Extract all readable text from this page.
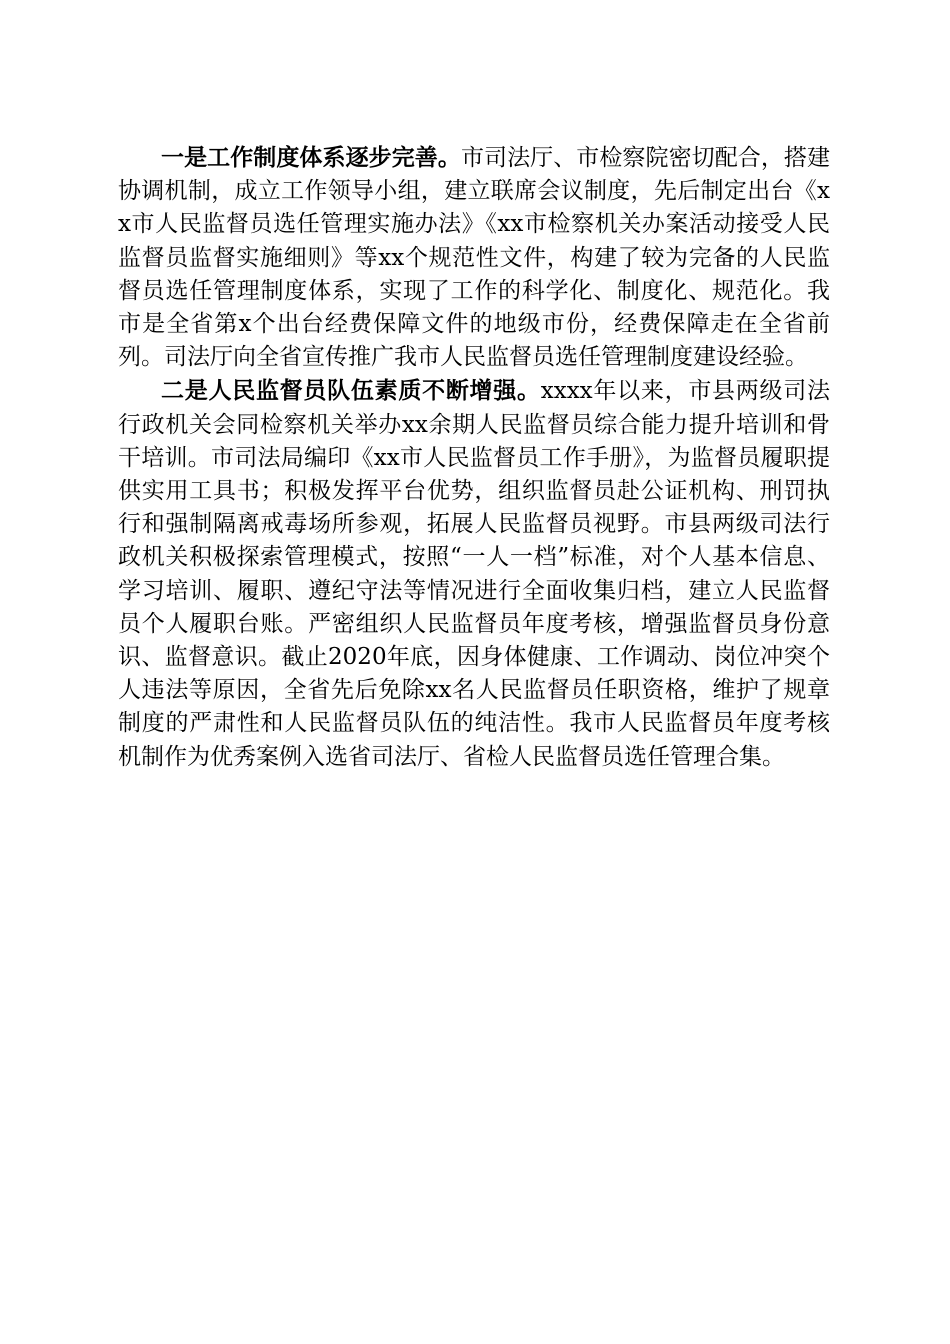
一是工作制度体系逐步完善。市司法厅、市检察院密切配合，搭建协调机制，成立工作领导小组，建立联席会议制度，先后制定出台《xx市人民监督员选任管理实施办法》《xx市检察机关办案活动接受人民监督员监督实施细则》等xx个规范性文件，构建了较为完备的人民监督员选任管理制度体系，实现了工作的科学化、制度化、规范化。我市是全省第x个出台经费保障文件的地级市份，经费保障走在全省前列。司法厅向全省宣传推广我市人民监督员选任管理制度建设经验。

二是人民监督员队伍素质不断增强。xxxx年以来，市县两级司法行政机关会同检察机关举办xx余期人民监督员综合能力提升培训和骨干培训。市司法局编印《xx市人民监督员工作手册》，为监督员履职提供实用工具书；积极发挥平台优势，组织监督员赴公证机构、刑罚执行和强制隔离戒毒场所参观，拓展人民监督员视野。市县两级司法行政机关积极探索管理模式，按照“一人一档”标准，对个人基本信息、学习培训、履职、遵纪守法等情况进行全面收集归档，建立人民监督员个人履职台账。严密组织人民监督员年度考核，增强监督员身份意识、监督意识。截止2020年底，因身体健康、工作调动、岗位冲突个人违法等原因，全省先后免除xx名人民监督员任职资格，维护了规章制度的严肃性和人民监督员队伍的纯洁性。我市人民监督员年度考核机制作为优秀案例入选省司法厅、省检人民监督员选任管理合集。
